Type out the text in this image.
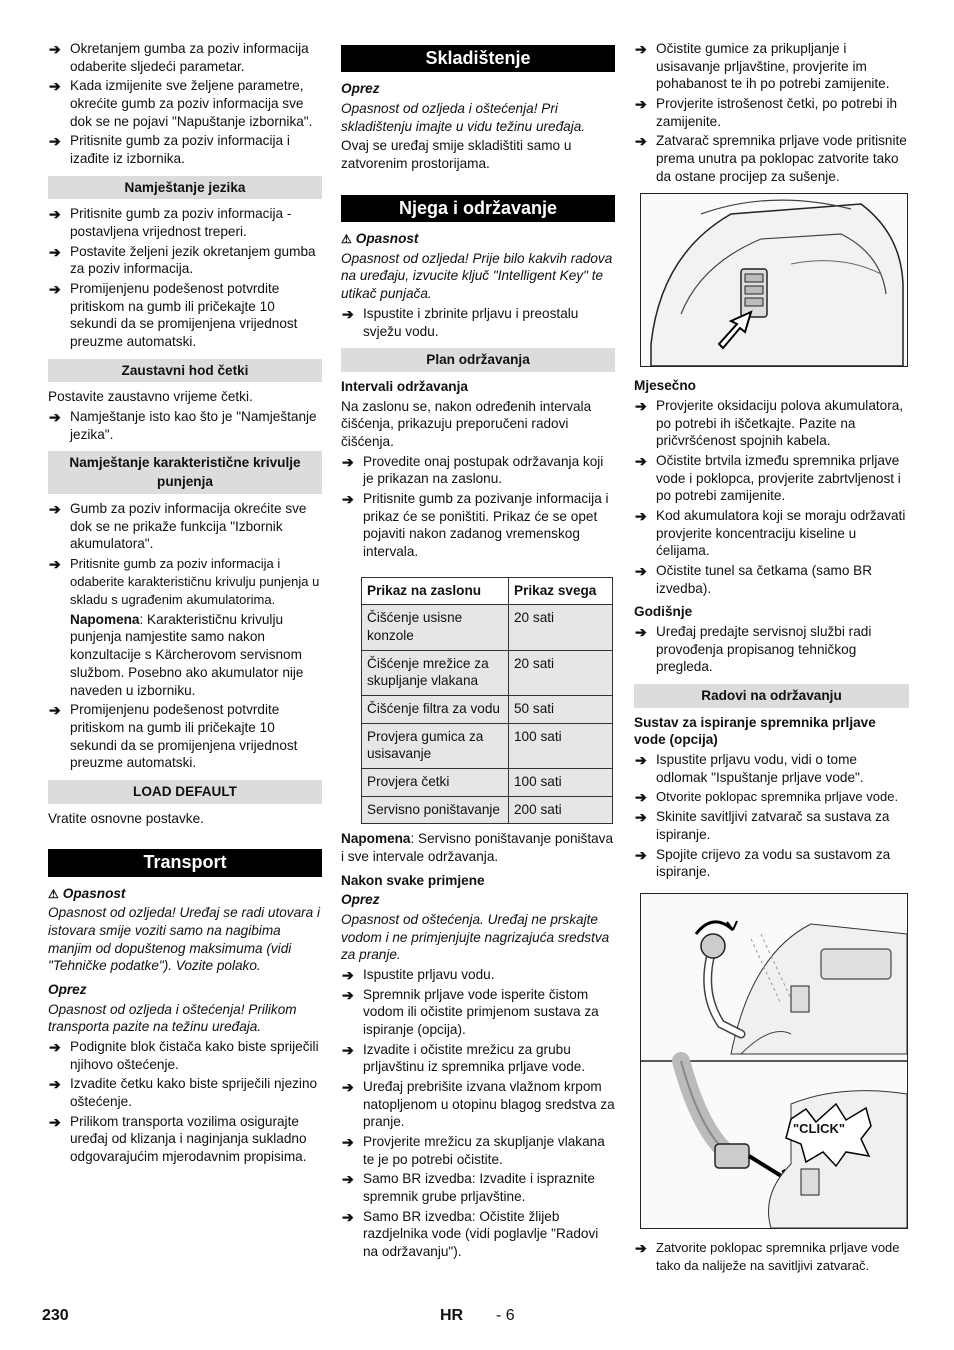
➔ Okretanjem gumba za poziv informacija odaberite sljedeći parametar.
➔ Kada izmijenite sve željene parametre, okrećite gumb za poziv informacija sve dok se ne pojavi "Napuštanje izbornika".
➔ Pritisnite gumb za poziv informacija i izađite iz izbornika.
Namještanje jezika
➔ Pritisnite gumb za poziv informacija - postavljena vrijednost treperi.
➔ Postavite željeni jezik okretanjem gumba za poziv informacija.
➔ Promijenjenu podešenost potvrdite pritiskom na gumb ili pričekajte 10 sekundi da se promijenjena vrijednost preuzme automatski.
Zaustavni hod četki

Postavite zaustavno vrijeme četki.

➔ Namještanje isto kao što je "Namještanje jezika".
Namještanje karakteristične krivulje punjenja
➔ Gumb za poziv informacija okrećite sve dok se ne prikaže funkcija "Izbornik akumulatora".
➔ Pritisnite gumb za poziv informacija i odaberite karakterističnu krivulju punjenja u skladu s ugrađenim akumulatorima.
Napomena: Karakterističnu krivulju punjenja namjestite samo nakon konzultacije s Kärcherovom servisnom službom. Posebno ako akumulator nije naveden u izborniku.
➔ Promijenjenu podešenost potvrdite pritiskom na gumb ili pričekajte 10 sekundi da se promijenjena vrijednost preuzme automatski.
LOAD DEFAULT

Vratite osnovne postavke.

Transport

⚠ Opasnost

Opasnost od ozljeda! Uređaj se radi utovara i istovara smije voziti samo na nagibima manjim od dopuštenog maksimuma (vidi "Tehničke podatke"). Vozite polako.

Oprez

Opasnost od ozljeda i oštećenja! Prilikom transporta pazite na težinu uređaja.

➔ Podignite blok čistača kako biste spriječili njihovo oštećenje.
➔ Izvadite četku kako biste spriječili njezino oštećenje.
➔ Prilikom transporta vozilima osigurajte uređaj od klizanja i naginjanja sukladno odgovarajućim mjerodavnim propisima.
Skladištenje

Oprez

Opasnost od ozljeda i oštećenja! Pri skladištenju imajte u vidu težinu uređaja.

Ovaj se uređaj smije skladištiti samo u zatvorenim prostorijama.

Njega i održavanje

⚠ Opasnost

Opasnost od ozljeda! Prije bilo kakvih radova na uređaju, izvucite ključ "Intelligent Key" te utikač punjača.

➔ Ispustite i zbrinite prljavu i preostalu svježu vodu.
Plan održavanja

Intervali održavanja

Na zaslonu se, nakon određenih intervala čišćenja, prikazuju preporučeni radovi čišćenja.

➔ Provedite onaj postupak održavanja koji je prikazan na zaslonu.
➔ Pritisnite gumb za pozivanje informacija i prikaz će se poništiti. Prikaz će se opet pojaviti nakon zadanog vremenskog intervala.
Prikaz na zaslonu	Prikaz svega
Čišćenje usisne konzole	20 sati
Čišćenje mrežice za skupljanje vlakana	20 sati
Čišćenje filtra za vodu	50 sati
Provjera gumica za usisavanje	100 sati
Provjera četki	100 sati
Servisno poništavanje	200 sati

Napomena: Servisno poništavanje poništava i sve intervale održavanja.

Nakon svake primjene

Oprez

Opasnost od oštećenja. Uređaj ne prskajte vodom i ne primjenjujte nagrizajuća sredstva za pranje.

➔ Ispustite prljavu vodu.
➔ Spremnik prljave vode isperite čistom vodom ili očistite primjenom sustava za ispiranje (opcija).
➔ Izvadite i očistite mrežicu za grubu prljavštinu iz spremnika prljave vode.
➔ Uređaj prebrišite izvana vlažnom krpom natopljenom u otopinu blagog sredstva za pranje.
➔ Provjerite mrežicu za skupljanje vlakana te je po potrebi očistite.
➔ Samo BR izvedba: Izvadite i ispraznite spremnik grube prljavštine.
➔ Samo BR izvedba: Očistite žlijeb razdjelnika vode (vidi poglavlje "Radovi na održavanju").
➔ Očistite gumice za prikupljanje i usisavanje prljavštine, provjerite im pohabanost te ih po potrebi zamijenite.
➔ Provjerite istrošenost četki, po potrebi ih zamijenite.
➔ Zatvarač spremnika prljave vode pritisnite prema unutra pa poklopac zatvorite tako da ostane procijep za sušenje.

Mjesečno

➔ Provjerite oksidaciju polova akumulatora, po potrebi ih iščetkajte. Pazite na pričvršćenost spojnih kabela.
➔ Očistite brtvila između spremnika prljave vode i poklopca, provjerite zabrtvljenost i po potrebi zamijenite.
➔ Kod akumulatora koji se moraju održavati provjerite koncentraciju kiseline u ćelijama.
➔ Očistite tunel sa četkama (samo BR izvedba).

Godišnje

➔ Uređaj predajte servisnoj službi radi provođenja propisanog tehničkog pregleda.
Radovi na održavanju

Sustav za ispiranje spremnika prljave vode (opcija)

➔ Ispustite prljavu vodu, vidi o tome odlomak "Ispuštanje prljave vode".
➔ Otvorite poklopac spremnika prljave vode.
➔ Skinite savitljivi zatvarač sa sustava za ispiranje.
➔ Spojite crijevo za vodu sa sustavom za ispiranje.
"CLICK"
➔ Zatvorite poklopac spremnika prljave vode tako da naliježe na savitljivi zatvarač.
230	HR - 6
